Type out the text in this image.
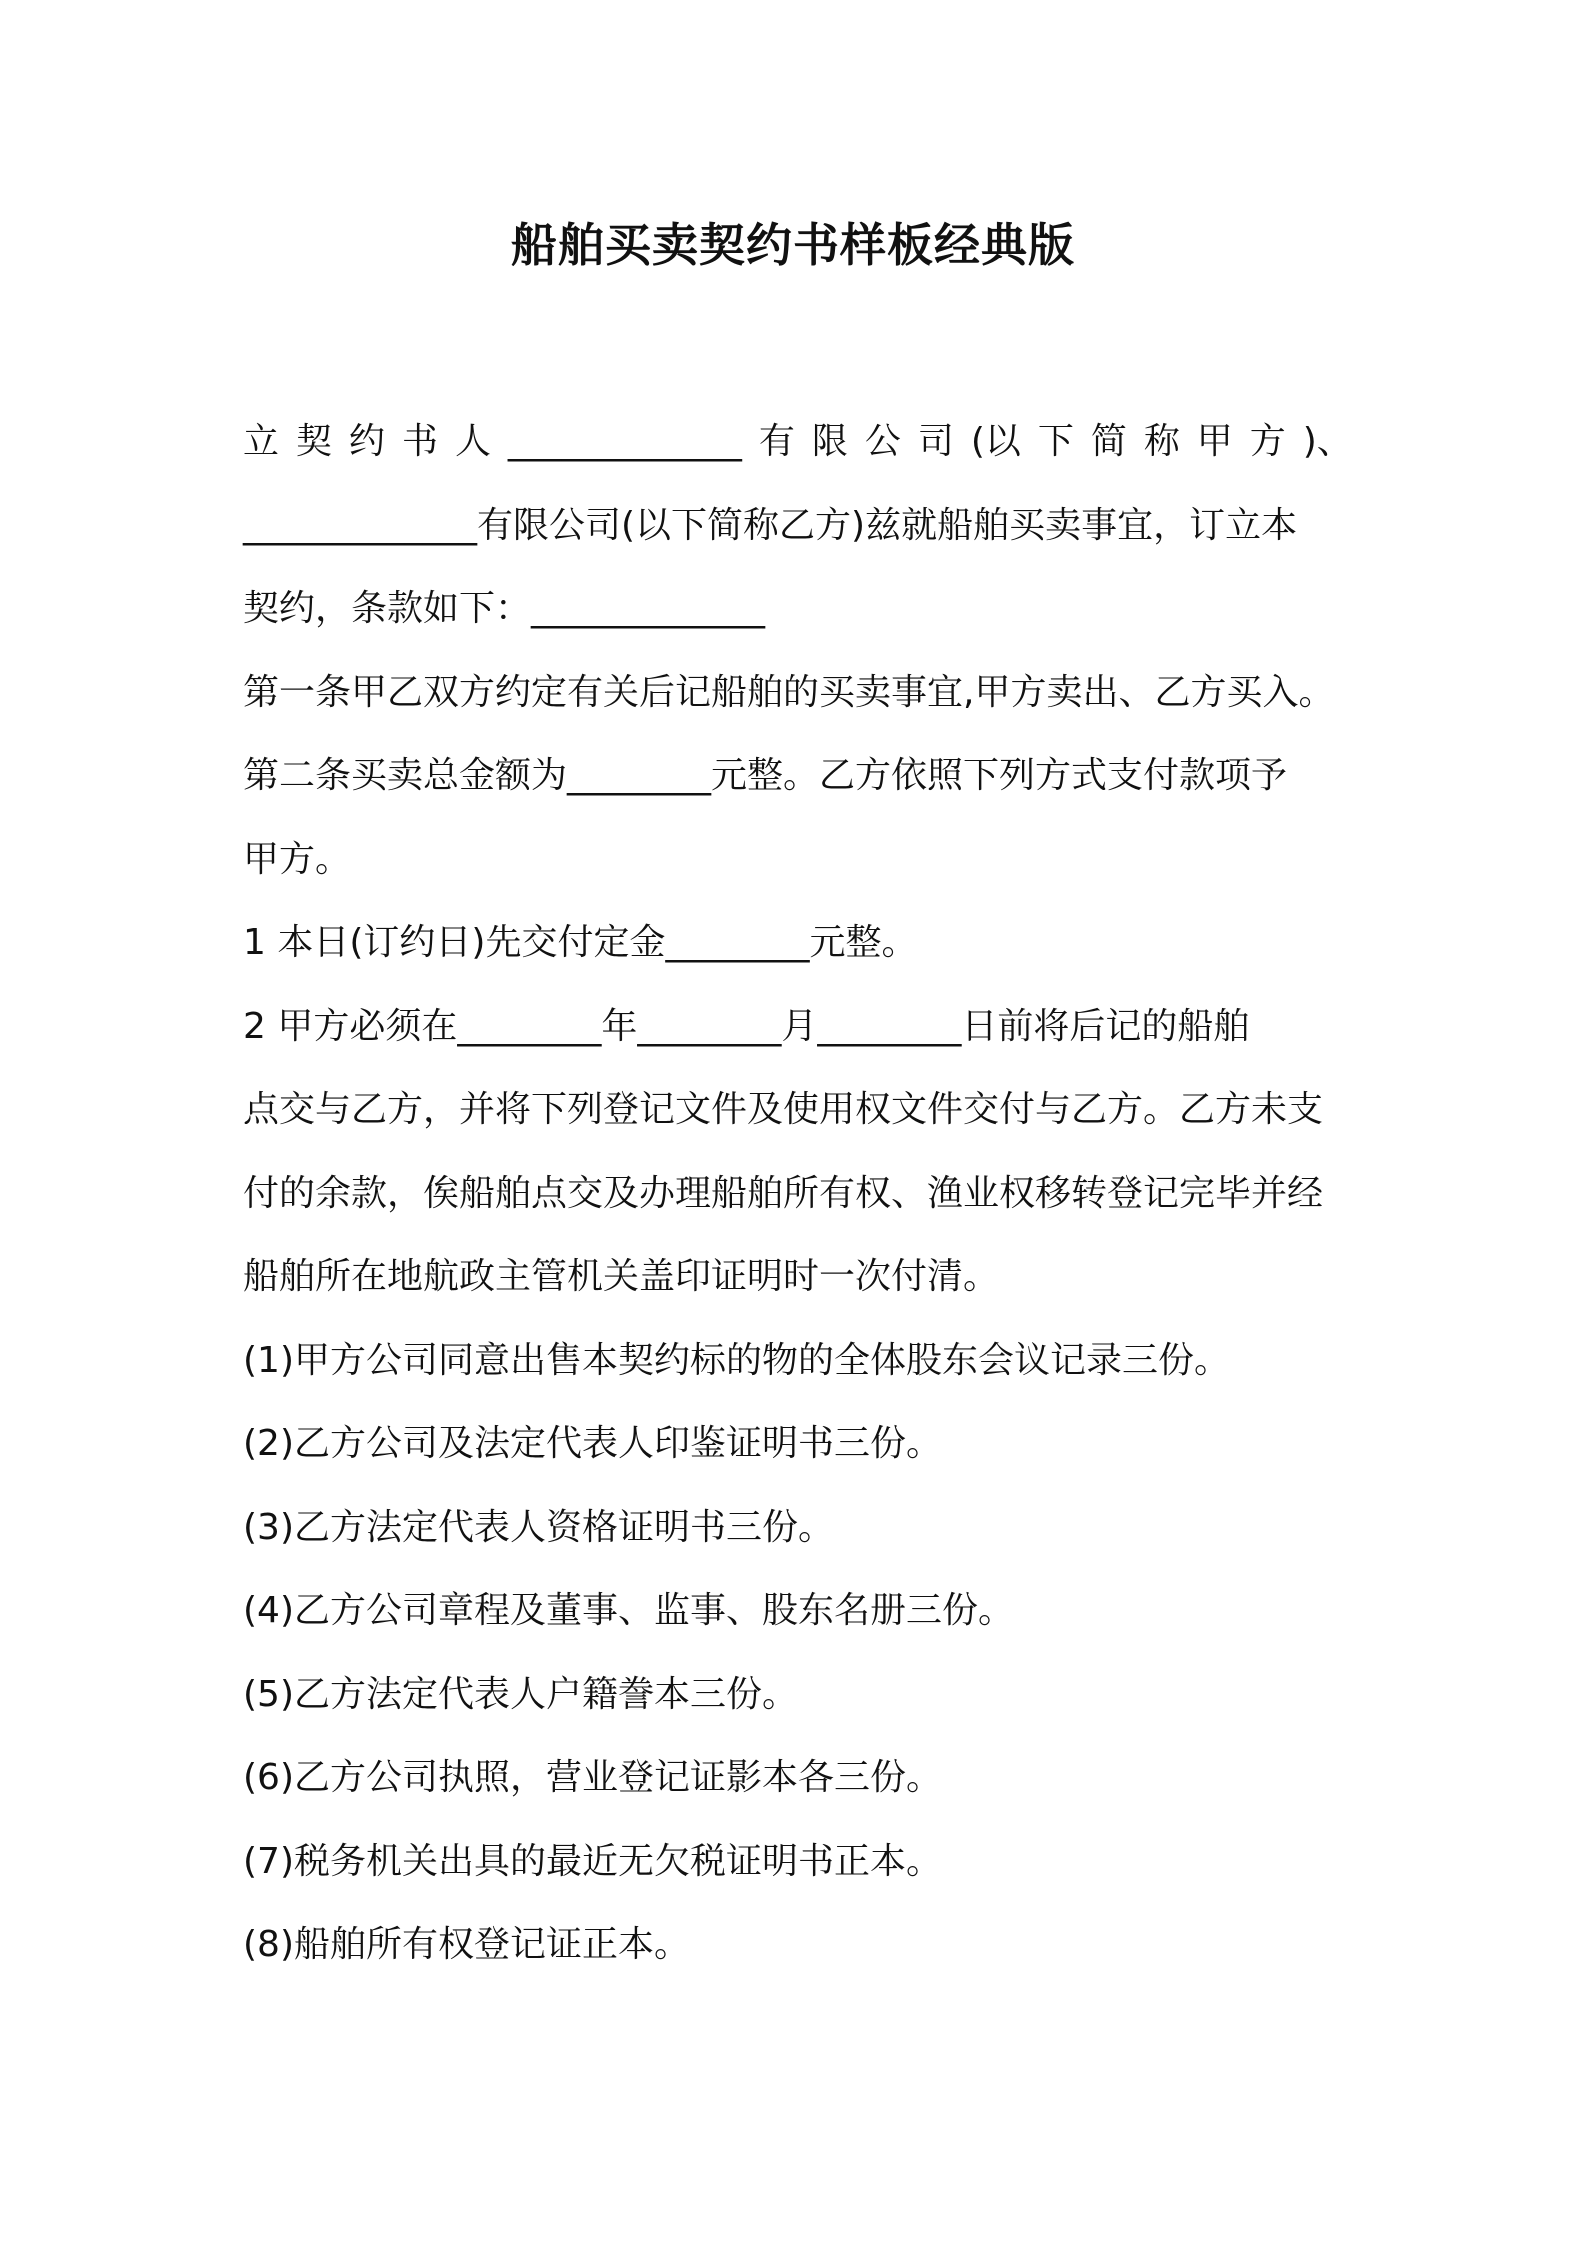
船舶买卖契约书样板经典版
立 契 约 书 人 _____________ 有 限 公 司 (以 下 简 称 甲 方 )、
_____________有限公司(以下简称乙方)兹就船舶买卖事宜，订立本
契约，条款如下：_____________
第一条甲乙双方约定有关后记船舶的买卖事宜,甲方卖出、乙方买入。
第二条买卖总金额为________元整。乙方依照下列方式支付款项予
甲方。
1 本日(订约日)先交付定金________元整。
2 甲方必须在________年________月________日前将后记的船舶
点交与乙方，并将下列登记文件及使用权文件交付与乙方。乙方未支
付的余款，俟船舶点交及办理船舶所有权、渔业权移转登记完毕并经
船舶所在地航政主管机关盖印证明时一次付清。
(1)甲方公司同意出售本契约标的物的全体股东会议记录三份。
(2)乙方公司及法定代表人印鉴证明书三份。
(3)乙方法定代表人资格证明书三份。
(4)乙方公司章程及董事、监事、股东名册三份。
(5)乙方法定代表人户籍誊本三份。
(6)乙方公司执照，营业登记证影本各三份。
(7)税务机关出具的最近无欠税证明书正本。
(8)船舶所有权登记证正本。
